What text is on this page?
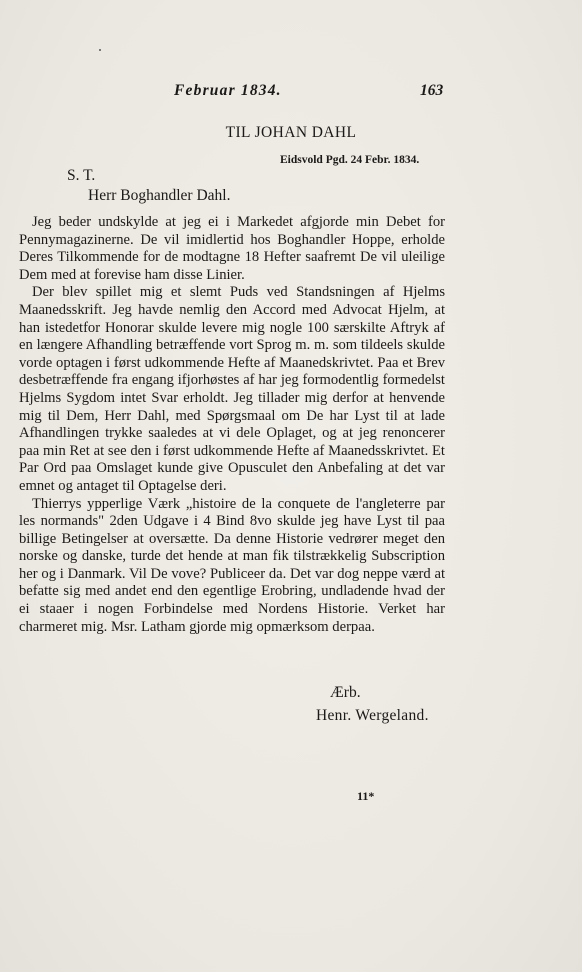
Februar 1834.	163
TIL JOHAN DAHL
Eidsvold Pgd. 24 Febr. 1834.
S. T.
Herr Boghandler Dahl.

Jeg beder undskylde at jeg ei i Markedet afgjorde min Debet for Pennymagazinerne. De vil imidlertid hos Boghandler Hoppe, erholde Deres Tilkommende for de modtagne 18 Hefter saafremt De vil uleilige Dem med at forevise ham disse Linier.

Der blev spillet mig et slemt Puds ved Standsningen af Hjelms Maanedsskrift. Jeg havde nemlig den Accord med Advocat Hjelm, at han istedetfor Honorar skulde levere mig nogle 100 særskilte Aftryk af en længere Afhandling betræffende vort Sprog m. m. som tildeels skulde vorde optagen i først udkommende Hefte af Maanedskrivtet. Paa et Brev desbetræffende fra engang ifjorhøstes af har jeg formodentlig formedelst Hjelms Sygdom intet Svar erholdt. Jeg tillader mig derfor at henvende mig til Dem, Herr Dahl, med Spørgsmaal om De har Lyst til at lade Afhandlingen trykke saaledes at vi dele Oplaget, og at jeg renoncerer paa min Ret at see den i først udkommende Hefte af Maanedsskrivtet. Et Par Ord paa Omslaget kunde give Opusculet den Anbefaling at det var emnet og antaget til Optagelse deri.

Thierrys ypperlige Værk „histoire de la conquete de l'angleterre par les normands" 2den Udgave i 4 Bind 8vo skulde jeg have Lyst til paa billige Betingelser at oversætte. Da denne Historie vedrører meget den norske og danske, turde det hende at man fik tilstrækkelig Subscription her og i Danmark. Vil De vove? Publiceer da. Det var dog neppe værd at befatte sig med andet end den egentlige Erobring, undladende hvad der ei staaer i nogen Forbindelse med Nordens Historie. Verket har charmeret mig. Msr. Latham gjorde mig opmærksom derpaa.

Ærb.
Henr. Wergeland.
11*
